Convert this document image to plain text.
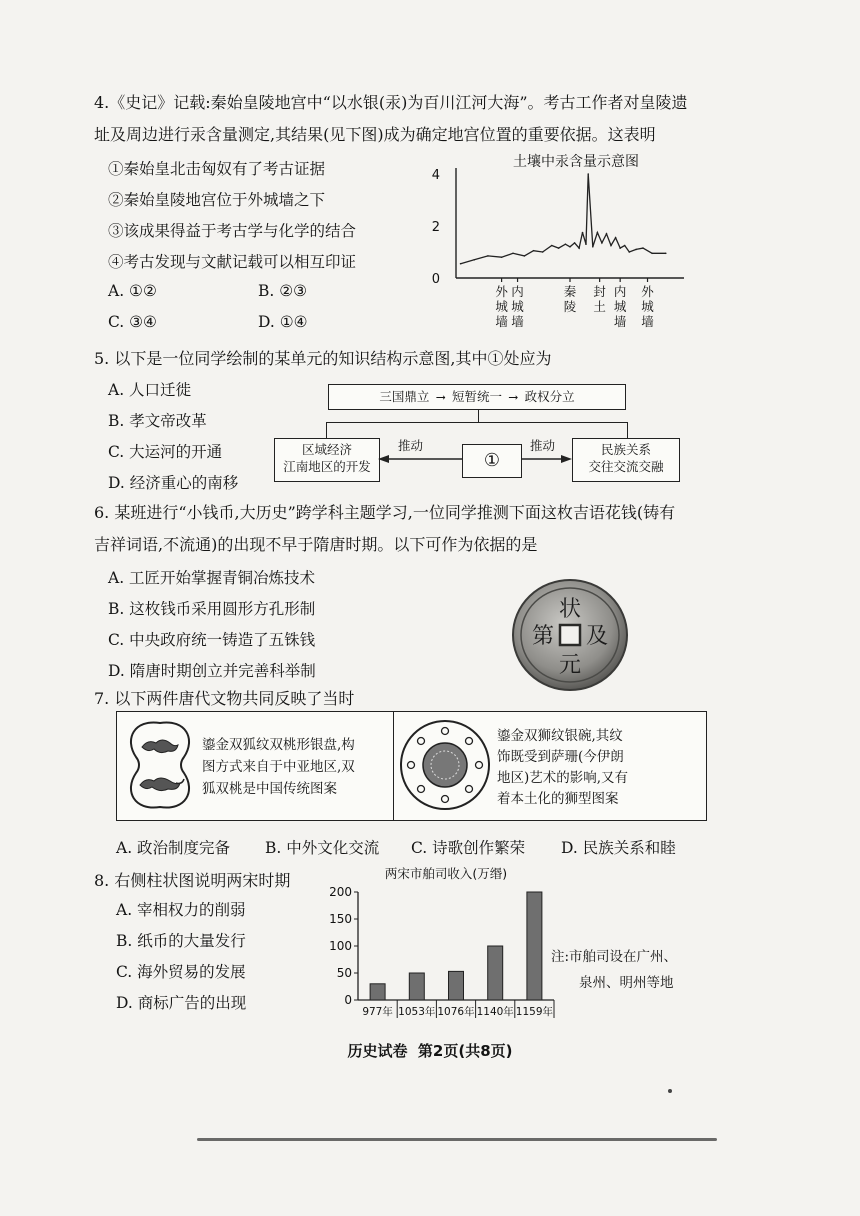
4.《史记》记载:秦始皇陵地宫中“以水银(汞)为百川江河大海”。考古工作者对皇陵遗
址及周边进行汞含量测定,其结果(见下图)成为确定地宫位置的重要依据。这表明
①秦始皇北击匈奴有了考古证据
②秦始皇陵地宫位于外城墙之下
③该成果得益于考古学与化学的结合
④考古发现与文献记载可以相互印证
A. ①②	B. ②③
C. ③④	D. ①④
土壤中汞含量示意图
0
2
4
外城墙
内城墙
秦陵
封土
内城墙
外城墙
5. 以下是一位同学绘制的某单元的知识结构示意图,其中①处应为
A. 人口迁徙
B. 孝文帝改革
C. 大运河的开通
D. 经济重心的南移
三国鼎立 ⟶ 短暂统一 ⟶ 政权分立
区域经济
江南地区的开发	①
民族关系
交往交流交融
推动	推动
6. 某班进行“小钱币,大历史”跨学科主题学习,一位同学推测下面这枚吉语花钱(铸有
吉祥词语,不流通)的出现不早于隋唐时期。以下可作为依据的是
A. 工匠开始掌握青铜冶炼技术
B. 这枚钱币采用圆形方孔形制
C. 中央政府统一铸造了五铢钱
D. 隋唐时期创立并完善科举制
状
元
及
第
7. 以下两件唐代文物共同反映了当时
鎏金双狐纹双桃形银盘,构
图方式来自于中亚地区,双
狐双桃是中国传统图案
鎏金双狮纹银碗,其纹
饰既受到萨珊(今伊朗
地区)艺术的影响,又有
着本土化的狮型图案
A. 政治制度完备 B. 中外文化交流 C. 诗歌创作繁荣 D. 民族关系和睦
8. 右侧柱状图说明两宋时期
A. 宰相权力的削弱
B. 纸币的大量发行
C. 海外贸易的发展
D. 商标广告的出现
两宋市舶司收入(万缗)
0
50
100
150
200
977年 1053年 1076年 1140年 1159年
注:市舶司设在广州、
泉州、明州等地
历史试卷  第2页(共8页)
